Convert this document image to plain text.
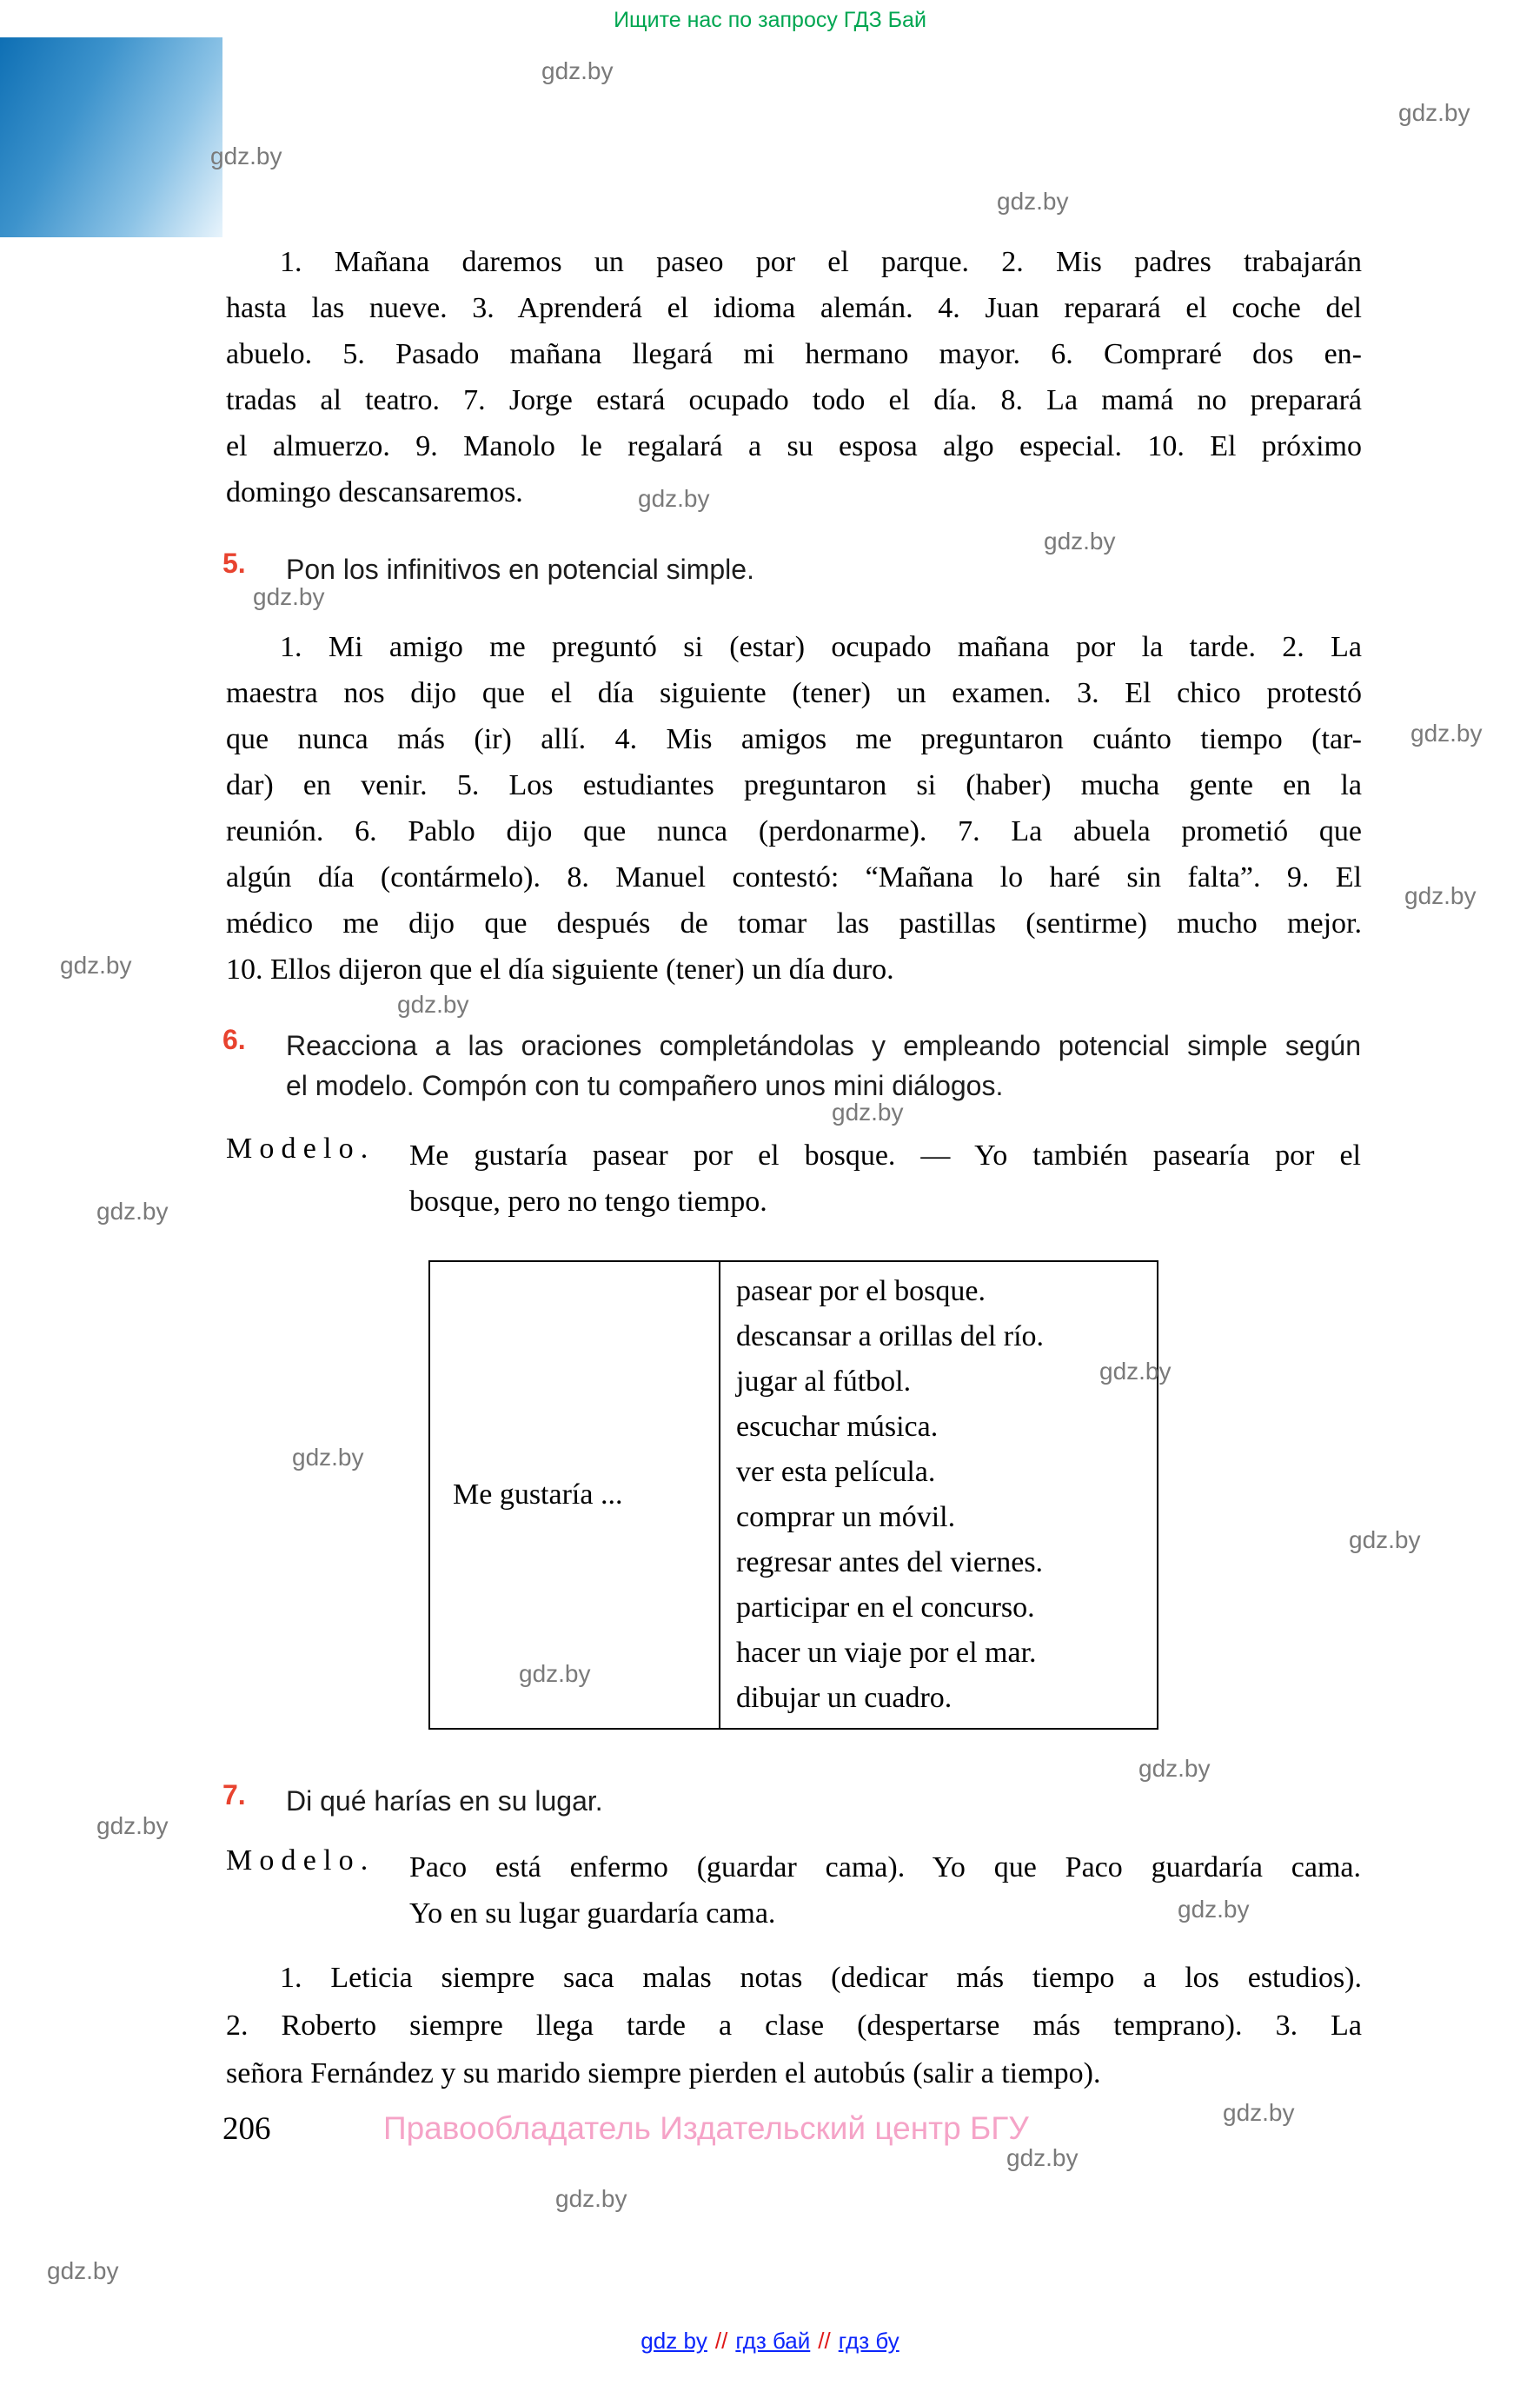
Ищите нас по запросу ГДЗ Бай
1. Mañana daremos un paseo por el parque. 2. Mis padres trabajarán
hasta las nueve. 3. Aprenderá el idioma alemán. 4. Juan reparará el coche del
abuelo. 5. Pasado mañana llegará mi hermano mayor. 6. Compraré dos en-
tradas al teatro. 7. Jorge estará ocupado todo el día. 8. La mamá no preparará
el almuerzo. 9. Manolo le regalará a su esposa algo especial. 10. El próximo
domingo descansaremos.
5. Pon los infinitivos en potencial simple.
1. Mi amigo me preguntó si (estar) ocupado mañana por la tarde. 2. La
maestra nos dijo que el día siguiente (tener) un examen. 3. El chico protestó
que nunca más (ir) allí. 4. Mis amigos me preguntaron cuánto tiempo (tar-
dar) en venir. 5. Los estudiantes preguntaron si (haber) mucha gente en la
reunión. 6. Pablo dijo que nunca (perdonarme). 7. La abuela prometió que
algún día (contármelo). 8. Manuel contestó: “Mañana lo haré sin falta”. 9. El
médico me dijo que después de tomar las pastillas (sentirme) mucho mejor.
10. Ellos dijeron que el día siguiente (tener) un día duro.
6. Reacciona a las oraciones completándolas y empleando potencial simple según
el modelo. Compón con tu compañero unos mini diálogos.
Modelo. Me gustaría pasear por el bosque. — Yo también pasearía por el
bosque, pero no tengo tiempo.
Me gustaría ...
pasear por el bosque.
descansar a orillas del río.
jugar al fútbol.
escuchar música.
ver esta película.
comprar un móvil.
regresar antes del viernes.
participar en el concurso.
hacer un viaje por el mar.
dibujar un cuadro.
7. Di qué harías en su lugar.
Modelo. Paco está enfermo (guardar cama). Yo que Paco guardaría cama.
Yo en su lugar guardaría cama.
1. Leticia siempre saca malas notas (dedicar más tiempo a los estudios).
2. Roberto siempre llega tarde a clase (despertarse más temprano). 3. La
señora Fernández y su marido siempre pierden el autobús (salir a tiempo).
206	Правообладатель Издательский центр БГУ
gdz.by
gdz.by
gdz.by
gdz.by
gdz.by
gdz.by
gdz.by
gdz.by
gdz.by
gdz.by
gdz.by
gdz.by
gdz.by
gdz.by
gdz.by
gdz.by
gdz.by
gdz.by
gdz.by
gdz.by
gdz.by
gdz.by
gdz.by
gdz.by
gdz by // гдз бай // гдз бу
